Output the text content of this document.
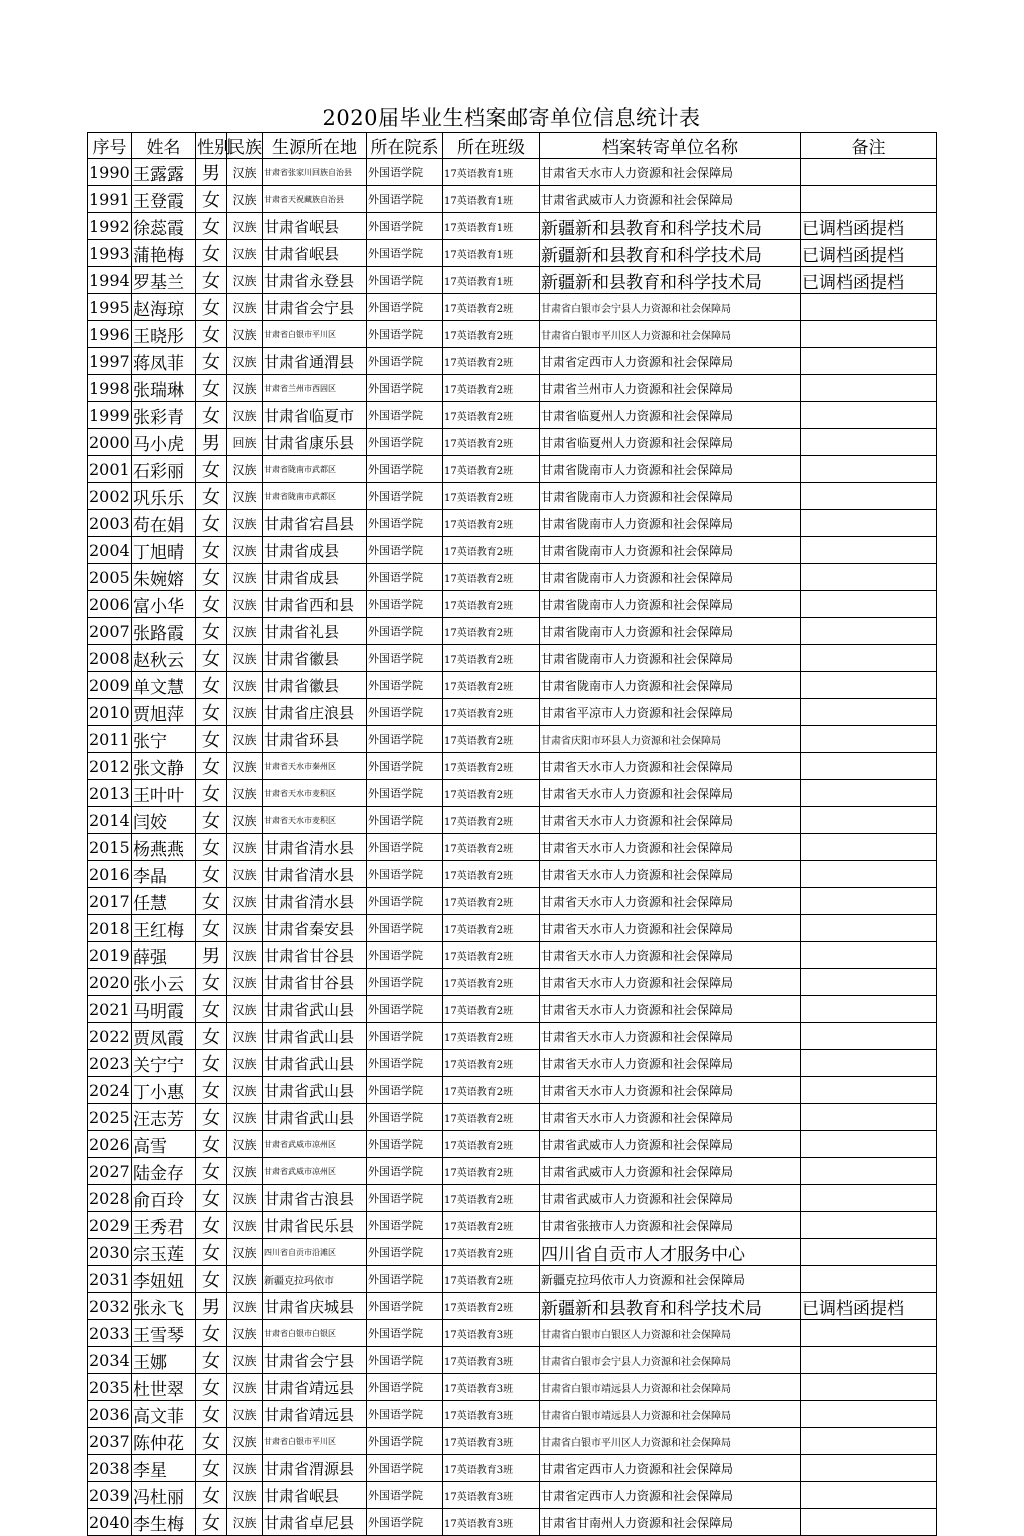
2020届毕业生档案邮寄单位信息统计表
序号	姓名	性别	民族	生源所在地	所在院系	所在班级	档案转寄单位名称	备注
1990	王露露	男	汉族	甘肃省张家川回族自治县	外国语学院	17英语教育1班	甘肃省天水市人力资源和社会保障局	
1991	王登霞	女	汉族	甘肃省天祝藏族自治县	外国语学院	17英语教育1班	甘肃省武威市人力资源和社会保障局	
1992	徐蕊霞	女	汉族	甘肃省岷县	外国语学院	17英语教育1班	新疆新和县教育和科学技术局	已调档函提档
1993	蒲艳梅	女	汉族	甘肃省岷县	外国语学院	17英语教育1班	新疆新和县教育和科学技术局	已调档函提档
1994	罗基兰	女	汉族	甘肃省永登县	外国语学院	17英语教育1班	新疆新和县教育和科学技术局	已调档函提档
1995	赵海琼	女	汉族	甘肃省会宁县	外国语学院	17英语教育2班	甘肃省白银市会宁县人力资源和社会保障局	
1996	王晓彤	女	汉族	甘肃省白银市平川区	外国语学院	17英语教育2班	甘肃省白银市平川区人力资源和社会保障局	
1997	蒋凤菲	女	汉族	甘肃省通渭县	外国语学院	17英语教育2班	甘肃省定西市人力资源和社会保障局	
1998	张瑞琳	女	汉族	甘肃省兰州市西固区	外国语学院	17英语教育2班	甘肃省兰州市人力资源和社会保障局	
1999	张彩青	女	汉族	甘肃省临夏市	外国语学院	17英语教育2班	甘肃省临夏州人力资源和社会保障局	
2000	马小虎	男	回族	甘肃省康乐县	外国语学院	17英语教育2班	甘肃省临夏州人力资源和社会保障局	
2001	石彩丽	女	汉族	甘肃省陇南市武都区	外国语学院	17英语教育2班	甘肃省陇南市人力资源和社会保障局	
2002	巩乐乐	女	汉族	甘肃省陇南市武都区	外国语学院	17英语教育2班	甘肃省陇南市人力资源和社会保障局	
2003	苟在娟	女	汉族	甘肃省宕昌县	外国语学院	17英语教育2班	甘肃省陇南市人力资源和社会保障局	
2004	丁旭晴	女	汉族	甘肃省成县	外国语学院	17英语教育2班	甘肃省陇南市人力资源和社会保障局	
2005	朱婉嫆	女	汉族	甘肃省成县	外国语学院	17英语教育2班	甘肃省陇南市人力资源和社会保障局	
2006	富小华	女	汉族	甘肃省西和县	外国语学院	17英语教育2班	甘肃省陇南市人力资源和社会保障局	
2007	张路霞	女	汉族	甘肃省礼县	外国语学院	17英语教育2班	甘肃省陇南市人力资源和社会保障局	
2008	赵秋云	女	汉族	甘肃省徽县	外国语学院	17英语教育2班	甘肃省陇南市人力资源和社会保障局	
2009	单文慧	女	汉族	甘肃省徽县	外国语学院	17英语教育2班	甘肃省陇南市人力资源和社会保障局	
2010	贾旭萍	女	汉族	甘肃省庄浪县	外国语学院	17英语教育2班	甘肃省平凉市人力资源和社会保障局	
2011	张宁	女	汉族	甘肃省环县	外国语学院	17英语教育2班	甘肃省庆阳市环县人力资源和社会保障局	
2012	张文静	女	汉族	甘肃省天水市秦州区	外国语学院	17英语教育2班	甘肃省天水市人力资源和社会保障局	
2013	王叶叶	女	汉族	甘肃省天水市麦积区	外国语学院	17英语教育2班	甘肃省天水市人力资源和社会保障局	
2014	闫姣	女	汉族	甘肃省天水市麦积区	外国语学院	17英语教育2班	甘肃省天水市人力资源和社会保障局	
2015	杨燕燕	女	汉族	甘肃省清水县	外国语学院	17英语教育2班	甘肃省天水市人力资源和社会保障局	
2016	李晶	女	汉族	甘肃省清水县	外国语学院	17英语教育2班	甘肃省天水市人力资源和社会保障局	
2017	任慧	女	汉族	甘肃省清水县	外国语学院	17英语教育2班	甘肃省天水市人力资源和社会保障局	
2018	王红梅	女	汉族	甘肃省秦安县	外国语学院	17英语教育2班	甘肃省天水市人力资源和社会保障局	
2019	薛强	男	汉族	甘肃省甘谷县	外国语学院	17英语教育2班	甘肃省天水市人力资源和社会保障局	
2020	张小云	女	汉族	甘肃省甘谷县	外国语学院	17英语教育2班	甘肃省天水市人力资源和社会保障局	
2021	马明霞	女	汉族	甘肃省武山县	外国语学院	17英语教育2班	甘肃省天水市人力资源和社会保障局	
2022	贾凤霞	女	汉族	甘肃省武山县	外国语学院	17英语教育2班	甘肃省天水市人力资源和社会保障局	
2023	关宁宁	女	汉族	甘肃省武山县	外国语学院	17英语教育2班	甘肃省天水市人力资源和社会保障局	
2024	丁小惠	女	汉族	甘肃省武山县	外国语学院	17英语教育2班	甘肃省天水市人力资源和社会保障局	
2025	汪志芳	女	汉族	甘肃省武山县	外国语学院	17英语教育2班	甘肃省天水市人力资源和社会保障局	
2026	高雪	女	汉族	甘肃省武威市凉州区	外国语学院	17英语教育2班	甘肃省武威市人力资源和社会保障局	
2027	陆金存	女	汉族	甘肃省武威市凉州区	外国语学院	17英语教育2班	甘肃省武威市人力资源和社会保障局	
2028	俞百玲	女	汉族	甘肃省古浪县	外国语学院	17英语教育2班	甘肃省武威市人力资源和社会保障局	
2029	王秀君	女	汉族	甘肃省民乐县	外国语学院	17英语教育2班	甘肃省张掖市人力资源和社会保障局	
2030	宗玉莲	女	汉族	四川省自贡市沿滩区	外国语学院	17英语教育2班	四川省自贡市人才服务中心	
2031	李妞妞	女	汉族	新疆克拉玛依市	外国语学院	17英语教育2班	新疆克拉玛依市人力资源和社会保障局	
2032	张永飞	男	汉族	甘肃省庆城县	外国语学院	17英语教育2班	新疆新和县教育和科学技术局	已调档函提档
2033	王雪琴	女	汉族	甘肃省白银市白银区	外国语学院	17英语教育3班	甘肃省白银市白银区人力资源和社会保障局	
2034	王娜	女	汉族	甘肃省会宁县	外国语学院	17英语教育3班	甘肃省白银市会宁县人力资源和社会保障局	
2035	杜世翠	女	汉族	甘肃省靖远县	外国语学院	17英语教育3班	甘肃省白银市靖远县人力资源和社会保障局	
2036	高文菲	女	汉族	甘肃省靖远县	外国语学院	17英语教育3班	甘肃省白银市靖远县人力资源和社会保障局	
2037	陈仲花	女	汉族	甘肃省白银市平川区	外国语学院	17英语教育3班	甘肃省白银市平川区人力资源和社会保障局	
2038	李星	女	汉族	甘肃省渭源县	外国语学院	17英语教育3班	甘肃省定西市人力资源和社会保障局	
2039	冯杜丽	女	汉族	甘肃省岷县	外国语学院	17英语教育3班	甘肃省定西市人力资源和社会保障局	
2040	李生梅	女	汉族	甘肃省卓尼县	外国语学院	17英语教育3班	甘肃省甘南州人力资源和社会保障局	
